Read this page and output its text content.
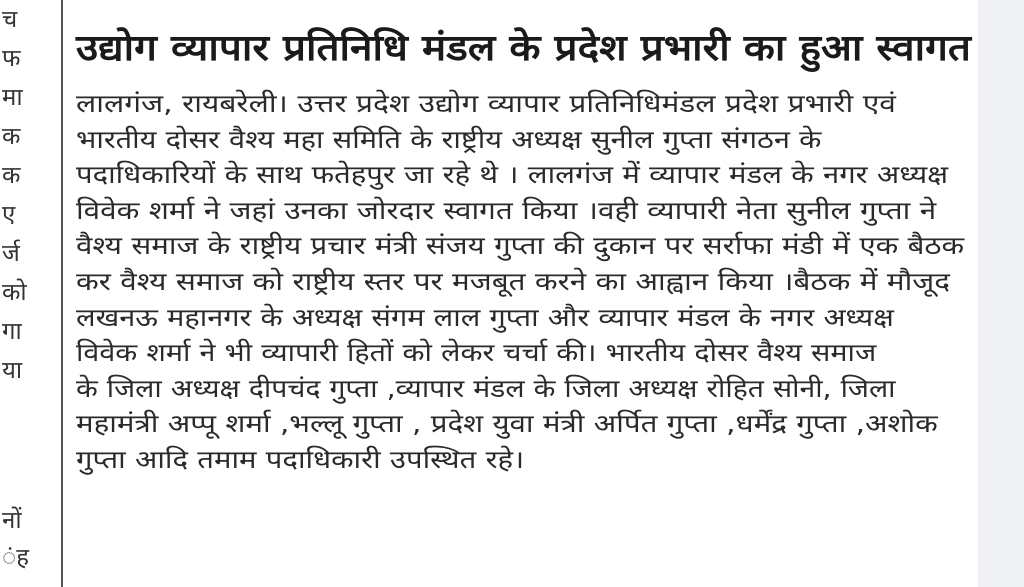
च
फ
मा
क
क
ए
र्ज
को
गा
या
नों
ंह
उद्योग व्यापार प्रतिनिधि मंडल के प्रदेश प्रभारी का हुआ स्वागत
लालगंज, रायबरेली। उत्तर प्रदेश उद्योग व्यापार प्रतिनिधिमंडल प्रदेश प्रभारी एवं
भारतीय दोसर वैश्य महा समिति के राष्ट्रीय अध्यक्ष सुनील गुप्ता संगठन के
पदाधिकारियों के साथ फतेहपुर जा रहे थे । लालगंज में व्यापार मंडल के नगर अध्यक्ष
विवेक शर्मा ने जहां उनका जोरदार स्वागत किया ।वही व्यापारी नेता सुनील गुप्ता ने
वैश्य समाज के राष्ट्रीय प्रचार मंत्री संजय गुप्ता की दुकान पर सर्राफा मंडी में एक बैठक
कर वैश्य समाज को राष्ट्रीय स्तर पर मजबूत करने का आह्वान किया ।बैठक में मौजूद
लखनऊ महानगर के अध्यक्ष संगम लाल गुप्ता और व्यापार मंडल के नगर अध्यक्ष
विवेक शर्मा ने भी व्यापारी हितों को लेकर चर्चा की। भारतीय दोसर वैश्य समाज
के जिला अध्यक्ष दीपचंद गुप्ता ,व्यापार मंडल के जिला अध्यक्ष रोहित सोनी, जिला
महामंत्री अप्पू शर्मा ,भल्लू गुप्ता , प्रदेश युवा मंत्री अर्पित गुप्ता ,धर्मेंद्र गुप्ता ,अशोक
गुप्ता आदि तमाम पदाधिकारी उपस्थित रहे।
